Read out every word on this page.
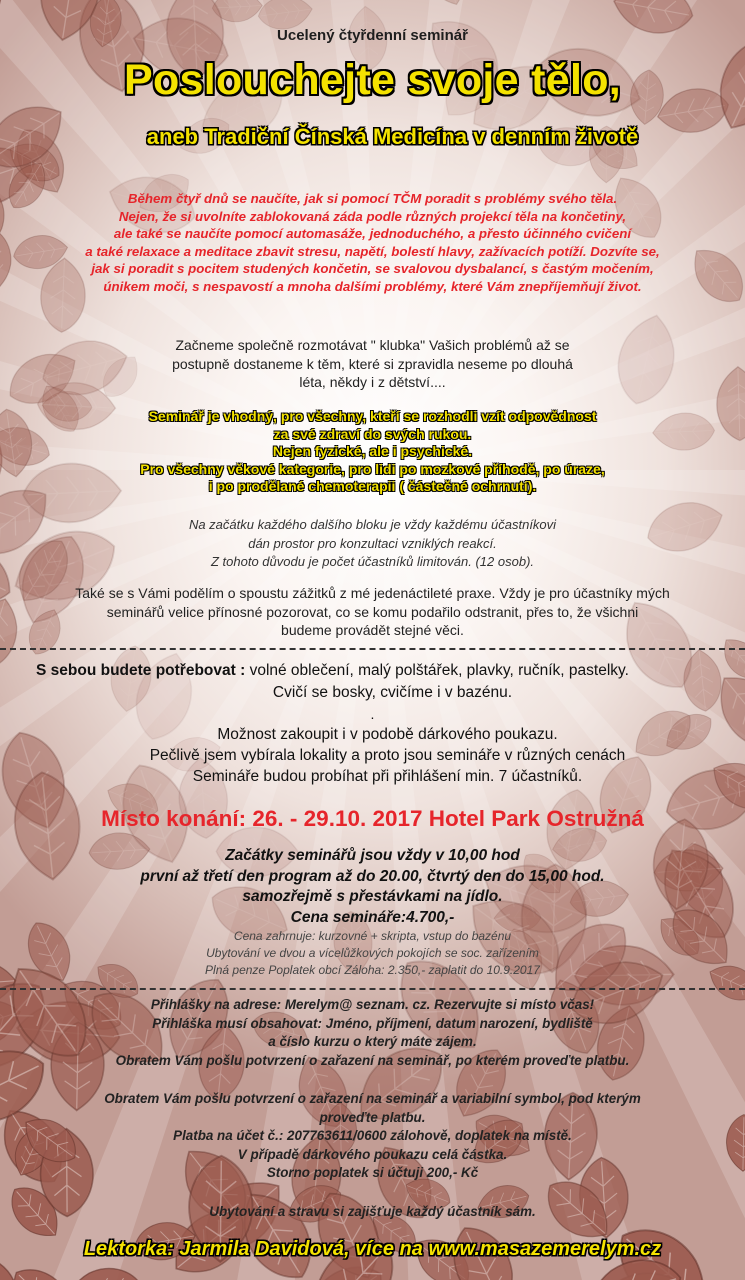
Ucelený čtyřdenní seminář
Poslouchejte svoje tělo,
aneb Tradiční Čínská Medicína v denním životě
Během čtyř dnů se naučíte, jak si pomocí TČM poradit s problémy svého těla.
Nejen, že si uvolníte zablokovaná záda podle různých projekcí těla na končetiny,
ale také se naučíte pomocí automasáže, jednoduchého, a přesto účinného cvičení
a také relaxace a meditace zbavit stresu, napětí, bolestí hlavy, zažívacích potíží. Dozvíte se,
jak si poradit s pocitem studených končetin, se svalovou dysbalancí, s častým močením,
únikem moči, s nespavostí a mnoha dalšími problémy, které Vám znepříjemňují život.
Začneme společně rozmotávat " klubka" Vašich problémů až se
postupně dostaneme k těm, které si zpravidla neseme po dlouhá
léta, někdy i z dětství....
Seminář je vhodný, pro všechny, kteří se rozhodli vzít odpovědnost
za své zdraví do svých rukou.
Nejen fyzické, ale i psychické.
Pro všechny věkové kategorie, pro lidi po mozkové příhodě, po úraze,
i po prodělané chemoterapii ( částečné ochrnutí).
Na začátku každého dalšího bloku je vždy každému účastníkovi
dán prostor pro konzultaci vzniklých reakcí.
Z tohoto důvodu je počet účastníků limitován. (12 osob).
Také se s Vámi podělím o spoustu zážitků z mé jedenáctileté praxe. Vždy je pro účastníky mých
seminářů velice přínosné pozorovat, co se komu podařilo odstranit, přes to, že všichni
budeme provádět stejné věci.
S sebou budete potřebovat : volné oblečení, malý polštářek, plavky, ručník, pastelky.
Cvičí se bosky, cvičíme i v bazénu.
.
Možnost zakoupit i v podobě dárkového poukazu.
Pečlivě jsem vybírala lokality a proto jsou semináře v různých cenách
Semináře budou probíhat při přihlášení min. 7 účastníků.
Místo konání: 26. - 29.10. 2017 Hotel Park Ostružná
Začátky seminářů jsou vždy v 10,00 hod
první až třetí den program až do 20.00, čtvrtý den do 15,00 hod.
samozřejmě s přestávkami na jídlo.
Cena semináře:4.700,-
Cena zahrnuje: kurzovné + skripta, vstup do bazénu
Ubytování ve dvou a vícelůžkových pokojích se soc. zařízením
Plná penze Poplatek obcí Záloha: 2.350,- zaplatit do 10.9.2017
Přihlášky na adrese: Merelym@ seznam. cz. Rezervujte si místo včas!
Přihláška musí obsahovat: Jméno, příjmení, datum narození, bydliště
a číslo kurzu o který máte zájem.
Obratem Vám pošlu potvrzení o zařazení na seminář, po kterém proveďte platbu.
Obratem Vám pošlu potvrzení o zařazení na seminář a variabilní symbol, pod kterým
proveďte platbu.
Platba na účet č.: 207763611/0600 zálohově, doplatek na místě.
V případě dárkového poukazu celá částka.
Storno poplatek si účtuji 200,- Kč
Ubytování a stravu si zajišťuje každý účastník sám.
Lektorka: Jarmila Davidová, více na www.masazemerelym.cz
